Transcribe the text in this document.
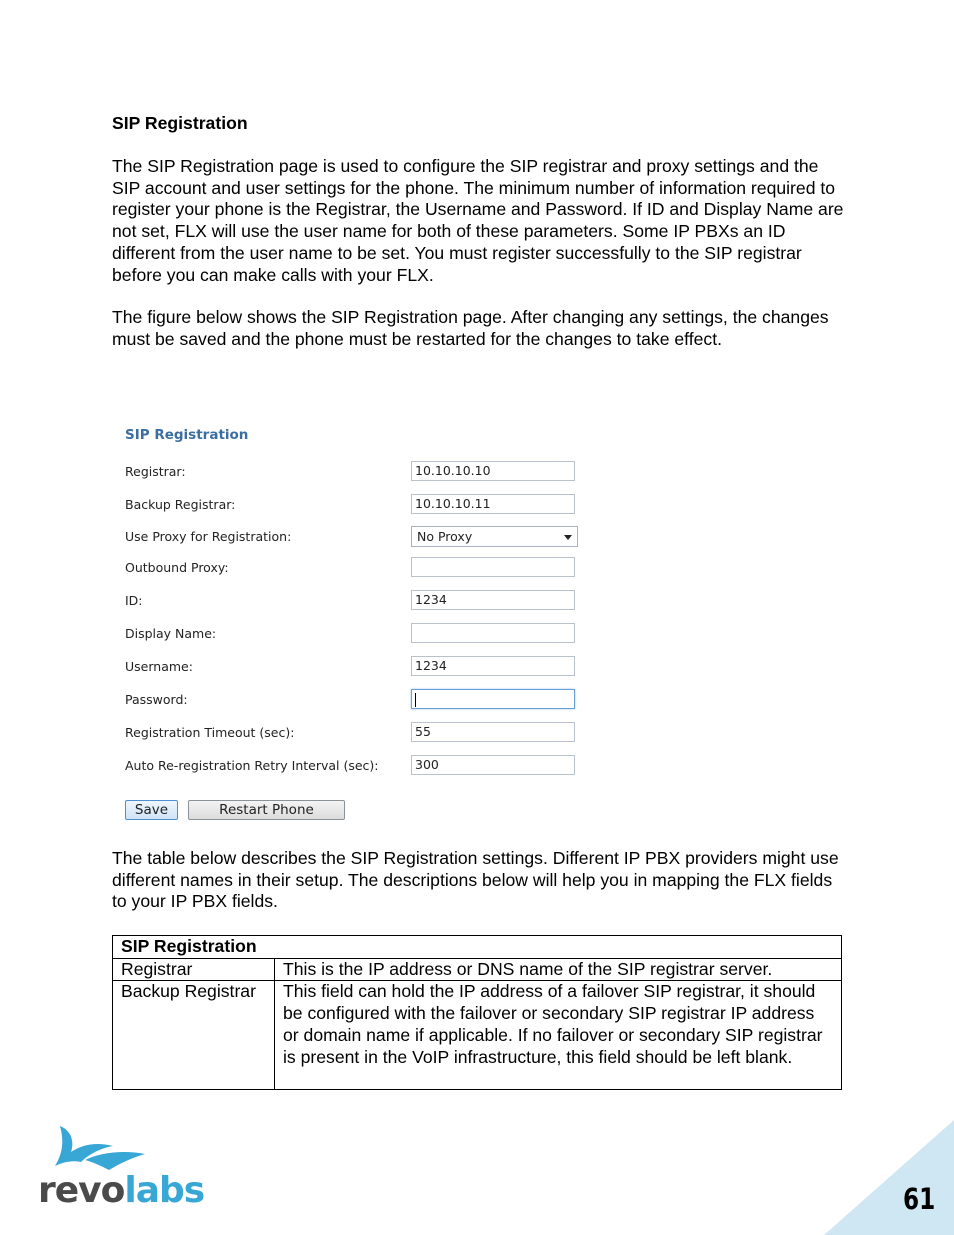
SIP Registration
The SIP Registration page is used to configure the SIP registrar and proxy settings and the SIP account and user settings for the phone. The minimum number of information required to register your phone is the Registrar, the Username and Password. If ID and Display Name are not set, FLX will use the user name for both of these parameters. Some IP PBXs an ID different from the user name to be set. You must register successfully to the SIP registrar before you can make calls with your FLX.
The figure below shows the SIP Registration page. After changing any settings, the changes must be saved and the phone must be restarted for the changes to take effect.
SIP Registration
Registrar:	10.10.10.10
Backup Registrar:	10.10.10.11
Use Proxy for Registration:	No Proxy
Outbound Proxy:
ID:	1234
Display Name:
Username:	1234
Password:
Registration Timeout (sec):	55
Auto Re-registration Retry Interval (sec):	300
Save	Restart Phone
The table below describes the SIP Registration settings. Different IP PBX providers might use different names in their setup. The descriptions below will help you in mapping the FLX fields to your IP PBX fields.
SIP Registration	
Registrar	This is the IP address or DNS name of the SIP registrar server.
Backup Registrar	This field can hold the IP address of a failover SIP registrar, it should be configured with the failover or secondary SIP registrar IP address or domain name if applicable. If no failover or secondary SIP registrar is present in the VoIP infrastructure, this field should be left blank.
revolabs	61
